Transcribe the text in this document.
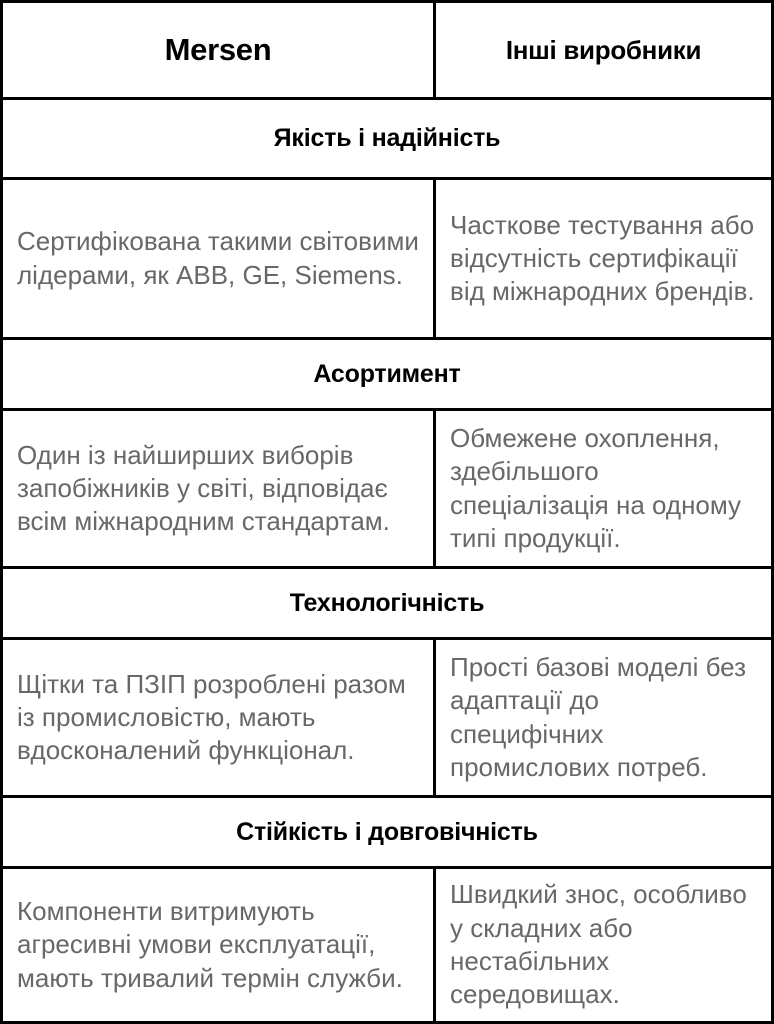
Mersen	Інші виробники
Якість і надійність
Сертифікована такими світовими лідерами, як ABB, GE, Siemens.
Часткове тестування або відсутність сертифікації від міжнародних брендів.
Асортимент
Один із найширших виборів запобіжників у світі, відповідає всім міжнародним стандартам.
Обмежене охоплення, здебільшого спеціалізація на одному типі продукції.
Технологічність
Щітки та ПЗІП розроблені разом із промисловістю, мають вдосконалений функціонал.
Прості базові моделі без адаптації до специфічних промислових потреб.
Стійкість і довговічність
Компоненти витримують агресивні умови експлуатації, мають тривалий термін служби.
Швидкий знос, особливо у складних або нестабільних середовищах.
